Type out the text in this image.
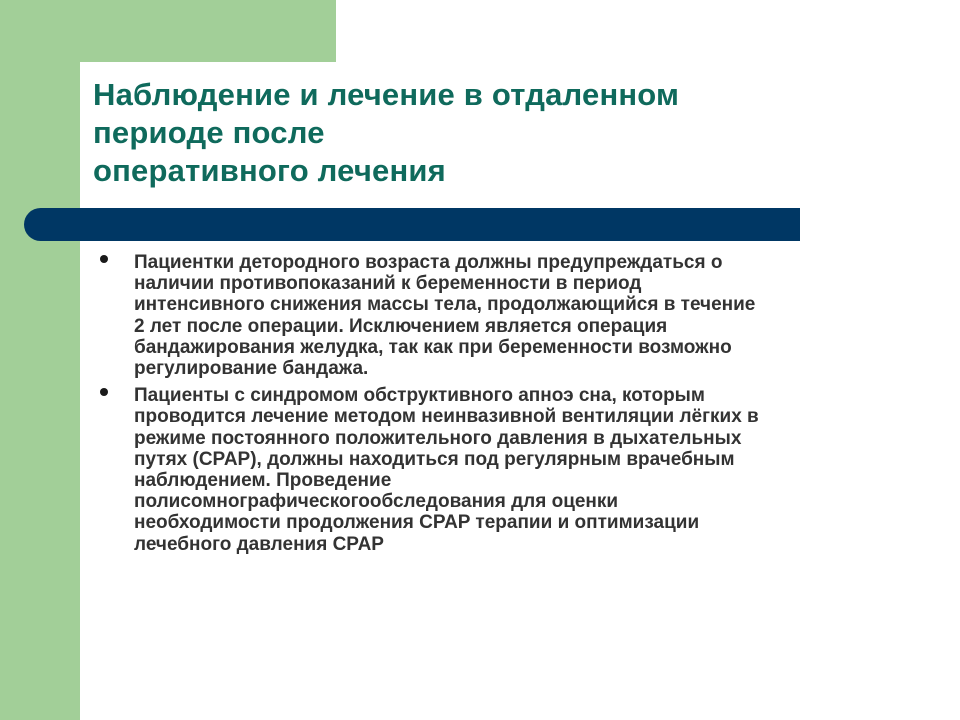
Наблюдение и лечение в отдаленном
периоде после
оперативного лечения
Пациентки детородного возраста должны предупреждаться о
наличии противопоказаний к беременности в период
интенсивного снижения массы тела, продолжающийся в течение
2 лет после операции. Исключением является операция
бандажирования желудка, так как при беременности возможно
регулирование бандажа.
Пациенты с синдромом обструктивного апноэ сна, которым
проводится лечение методом неинвазивной вентиляции лёгких в
режиме постоянного положительного давления в дыхательных
путях (CPAP), должны находиться под регулярным врачебным
наблюдением. Проведение
полисомнографическогообследования для оценки
необходимости продолжения CPAP терапии и оптимизации
лечебного давления CPAP
